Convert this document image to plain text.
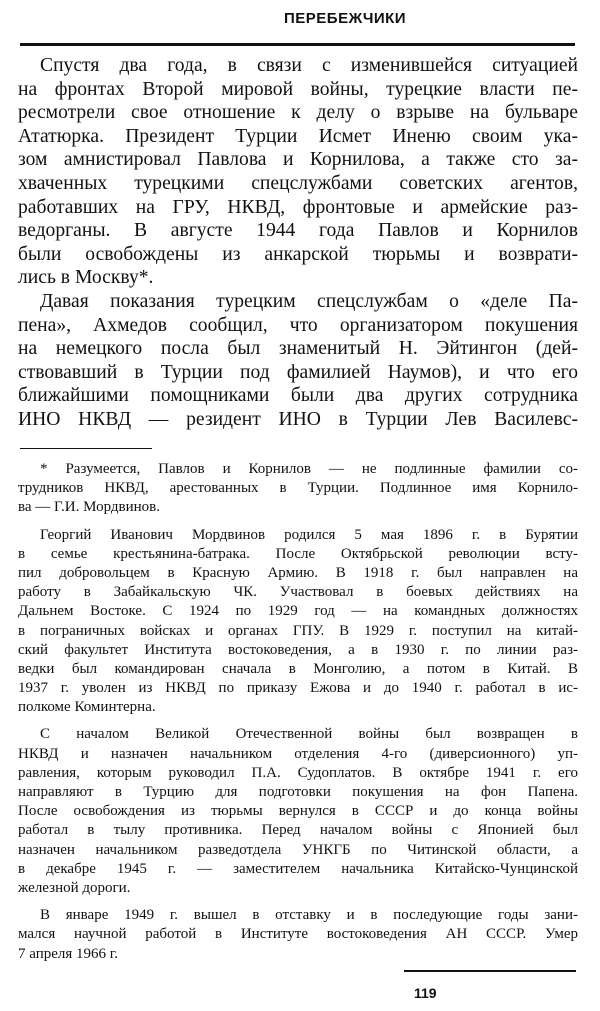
ПЕРЕБЕЖЧИКИ
Спустя два года, в связи с изменившейся ситуацией
на фронтах Второй мировой войны, турецкие власти пе-
ресмотрели свое отношение к делу о взрыве на бульваре
Ататюрка. Президент Турции Исмет Иненю своим ука-
зом амнистировал Павлова и Корнилова, а также сто за-
хваченных турецкими спецслужбами советских агентов,
работавших на ГРУ, НКВД, фронтовые и армейские раз-
ведорганы. В августе 1944 года Павлов и Корнилов
были освобождены из анкарской тюрьмы и возврати-
лись в Москву*.
Давая показания турецким спецслужбам о «деле Па-
пена», Ахмедов сообщил, что организатором покушения
на немецкого посла был знаменитый Н. Эйтингон (дей-
ствовавший в Турции под фамилией Наумов), и что его
ближайшими помощниками были два других сотрудника
ИНО НКВД — резидент ИНО в Турции Лев Василевс-
* Разумеется, Павлов и Корнилов — не подлинные фамилии со-
трудников НКВД, арестованных в Турции. Подлинное имя Корнило-
ва — Г.И. Мордвинов.
Георгий Иванович Мордвинов родился 5 мая 1896 г. в Бурятии
в семье крестьянина-батрака. После Октябрьской революции всту-
пил добровольцем в Красную Армию. В 1918 г. был направлен на
работу в Забайкальскую ЧК. Участвовал в боевых действиях на
Дальнем Востоке. С 1924 по 1929 год — на командных должностях
в пограничных войсках и органах ГПУ. В 1929 г. поступил на китай-
ский факультет Института востоковедения, а в 1930 г. по линии раз-
ведки был командирован сначала в Монголию, а потом в Китай. В
1937 г. уволен из НКВД по приказу Ежова и до 1940 г. работал в ис-
полкоме Коминтерна.
С началом Великой Отечественной войны был возвращен в
НКВД и назначен начальником отделения 4-го (диверсионного) уп-
равления, которым руководил П.А. Судоплатов. В октябре 1941 г. его
направляют в Турцию для подготовки покушения на фон Папена.
После освобождения из тюрьмы вернулся в СССР и до конца войны
работал в тылу противника. Перед началом войны с Японией был
назначен начальником разведотдела УНКГБ по Читинской области, а
в декабре 1945 г. — заместителем начальника Китайско-Чунцинской
железной дороги.
В январе 1949 г. вышел в отставку и в последующие годы зани-
мался научной работой в Институте востоковедения АН СССР. Умер
7 апреля 1966 г.
119
